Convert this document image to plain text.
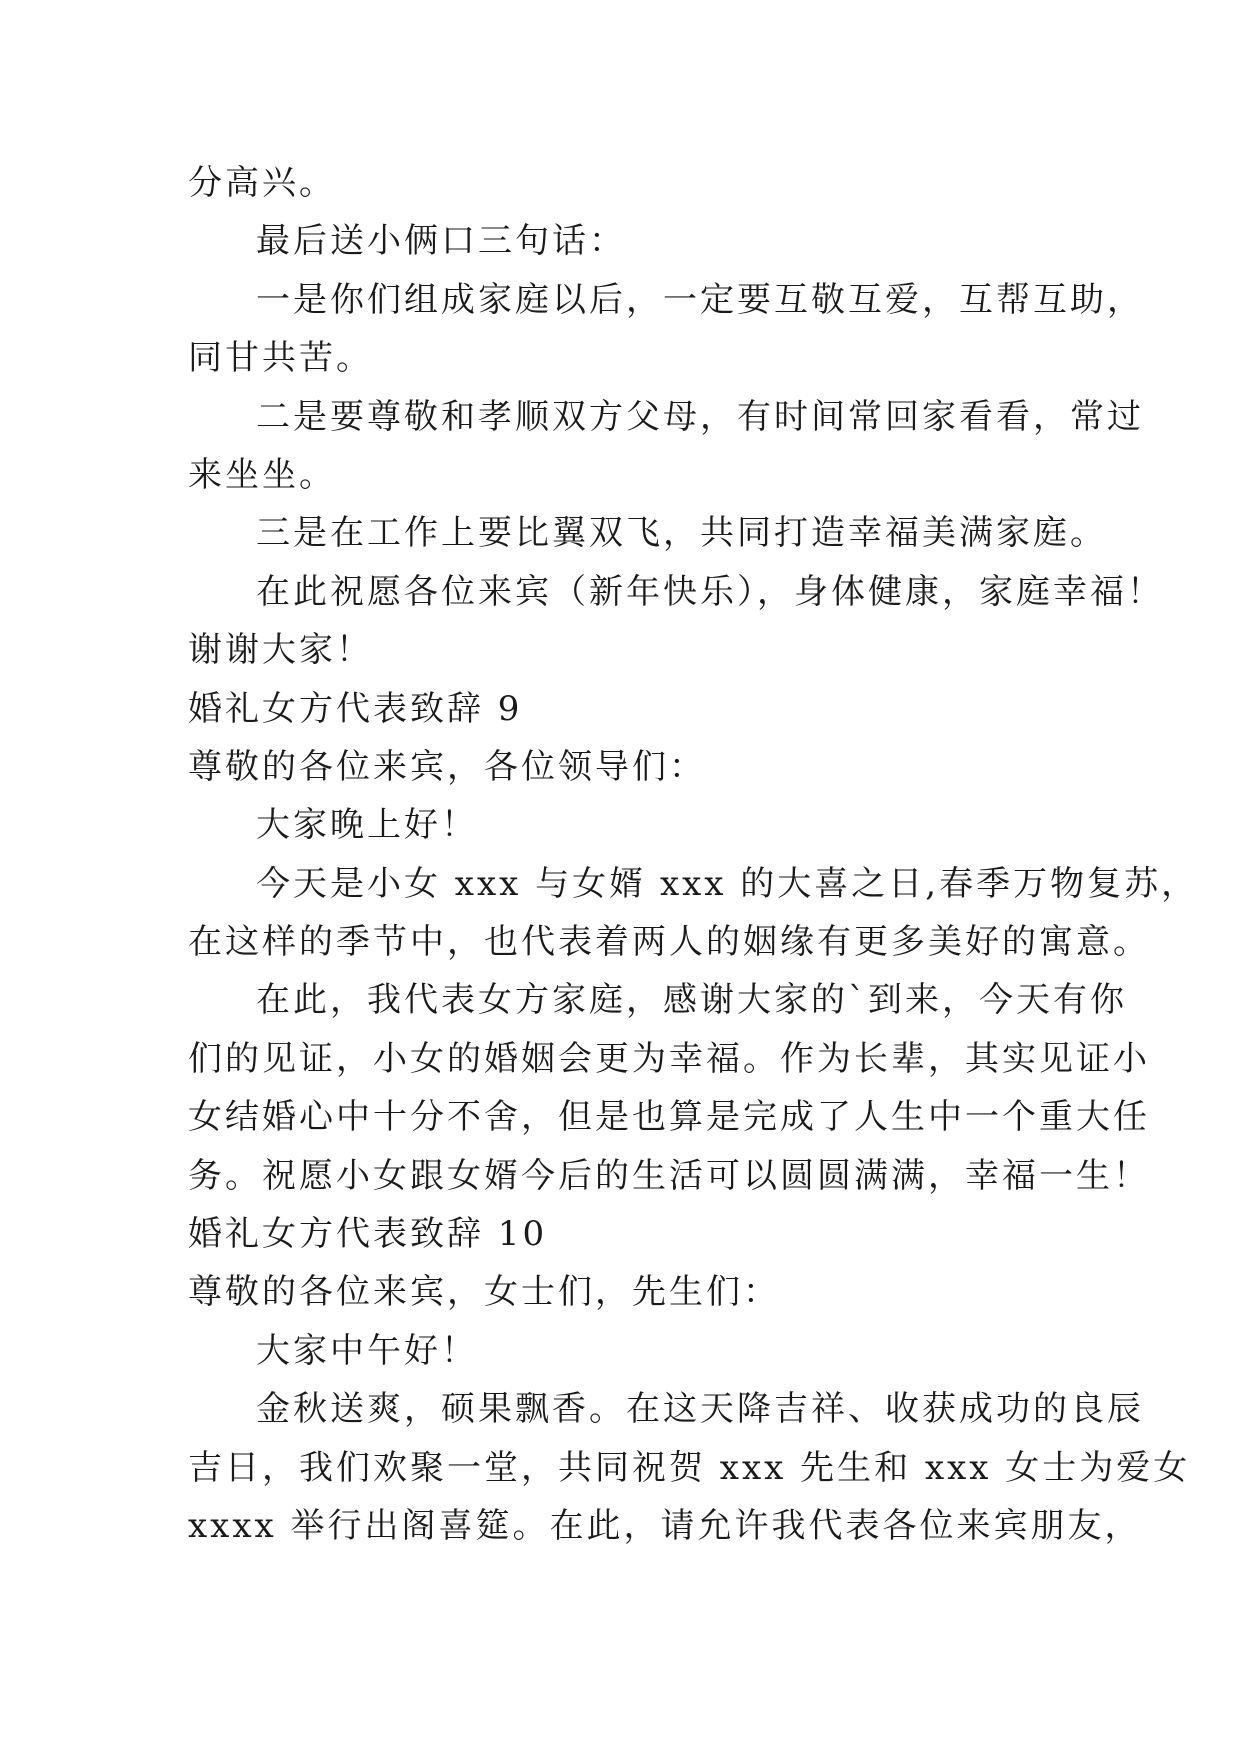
分高兴。
最后送小俩口三句话：
一是你们组成家庭以后，一定要互敬互爱，互帮互助，
同甘共苦。
二是要尊敬和孝顺双方父母，有时间常回家看看，常过
来坐坐。
三是在工作上要比翼双飞，共同打造幸福美满家庭。
在此祝愿各位来宾（新年快乐），身体健康，家庭幸福！
谢谢大家！
婚礼女方代表致辞 9
尊敬的各位来宾，各位领导们：
大家晚上好！
今天是小女 xxx 与女婿 xxx 的大喜之日,春季万物复苏，
在这样的季节中，也代表着两人的姻缘有更多美好的寓意。
在此，我代表女方家庭，感谢大家的`到来，今天有你
们的见证，小女的婚姻会更为幸福。作为长辈，其实见证小
女结婚心中十分不舍，但是也算是完成了人生中一个重大任
务。祝愿小女跟女婿今后的生活可以圆圆满满，幸福一生！
婚礼女方代表致辞 10
尊敬的各位来宾，女士们，先生们：
大家中午好！
金秋送爽，硕果飘香。在这天降吉祥、收获成功的良辰
吉日，我们欢聚一堂，共同祝贺 xxx 先生和 xxx 女士为爱女
xxxx 举行出阁喜筵。在此，请允许我代表各位来宾朋友，
